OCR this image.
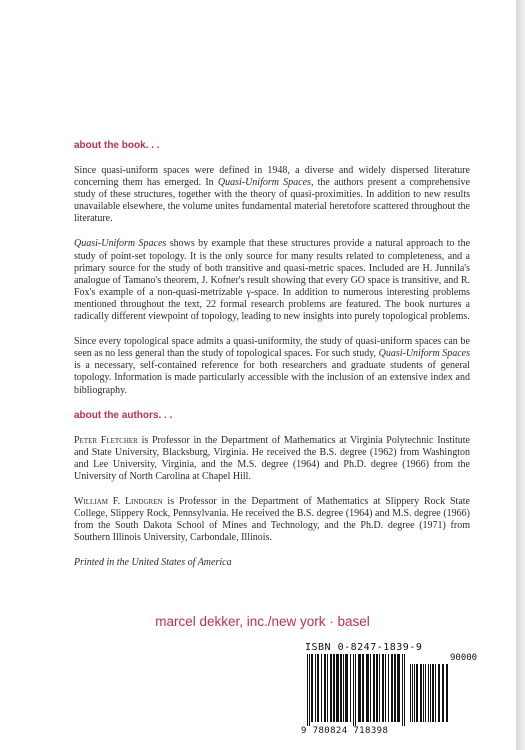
about the book. . .

Since quasi-uniform spaces were defined in 1948, a diverse and widely dispersed literature concerning them has emerged. In Quasi-Uniform Spaces, the authors present a comprehensive study of these structures, together with the theory of quasi-proximities. In addition to new results unavailable elsewhere, the volume unites fundamental material heretofore scattered throughout the literature.

Quasi-Uniform Spaces shows by example that these structures provide a natural approach to the study of point-set topology. It is the only source for many results related to completeness, and a primary source for the study of both transitive and quasi-metric spaces. Included are H. Junnila's analogue of Tamano's theorem, J. Kofner's result showing that every GO space is transitive, and R. Fox's example of a non-quasi-metrizable γ-space. In addition to numerous interesting problems mentioned throughout the text, 22 formal research problems are featured. The book nurtures a radically different viewpoint of topology, leading to new insights into purely topological problems.

Since every topological space admits a quasi-uniformity, the study of quasi-uniform spaces can be seen as no less general than the study of topological spaces. For such study, Quasi-Uniform Spaces is a necessary, self-contained reference for both researchers and graduate students of general topology. Information is made particularly accessible with the inclusion of an extensive index and bibliography.

about the authors. . .

Peter Fletcher is Professor in the Department of Mathematics at Virginia Polytechnic Institute and State University, Blacksburg, Virginia. He received the B.S. degree (1962) from Washington and Lee University, Virginia, and the M.S. degree (1964) and Ph.D. degree (1966) from the University of North Carolina at Chapel Hill.

William F. Lindgren is Professor in the Department of Mathematics at Slippery Rock State College, Slippery Rock, Pennsylvania. He received the B.S. degree (1964) and M.S. degree (1966) from the South Dakota School of Mines and Technology, and the Ph.D. degree (1971) from Southern Illinois University, Carbondale, Illinois.

Printed in the United States of America
marcel dekker, inc./new york · basel
ISBN 0-8247-1839-9
90000
9 780824 718398
